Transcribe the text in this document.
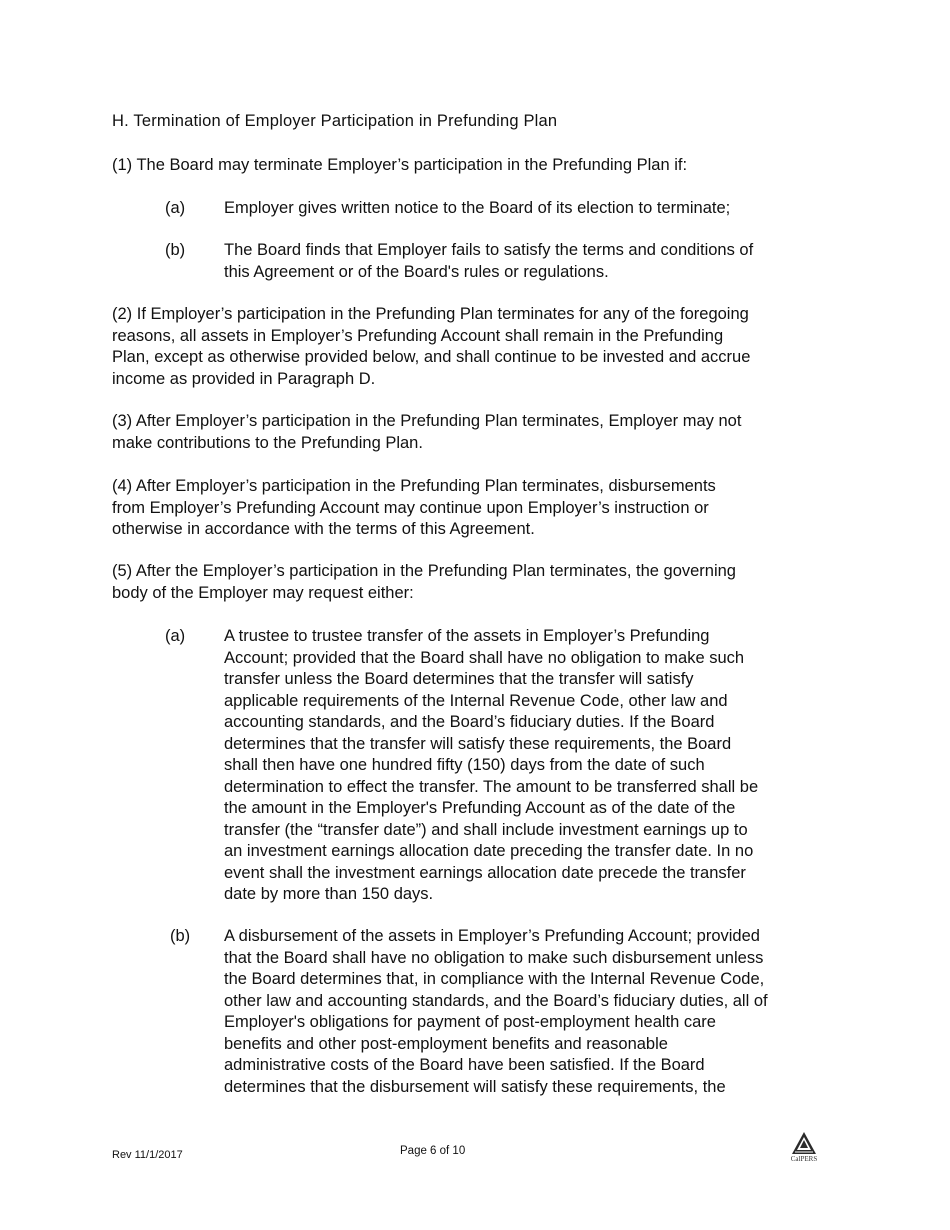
H. Termination of Employer Participation in Prefunding Plan
(1) The Board may terminate Employer’s participation in the Prefunding Plan if:
(a)	Employer gives written notice to the Board of its election to terminate;
(b)	The Board finds that Employer fails to satisfy the terms and conditions of
this Agreement or of the Board's rules or regulations.
(2) If Employer’s participation in the Prefunding Plan terminates for any of the foregoing
reasons, all assets in Employer’s Prefunding Account shall remain in the Prefunding
Plan, except as otherwise provided below, and shall continue to be invested and accrue
income as provided in Paragraph D.
(3) After Employer’s participation in the Prefunding Plan terminates, Employer may not
make contributions to the Prefunding Plan.
(4) After Employer’s participation in the Prefunding Plan terminates, disbursements
from Employer’s Prefunding Account may continue upon Employer’s instruction or
otherwise in accordance with the terms of this Agreement.
(5) After the Employer’s participation in the Prefunding Plan terminates, the governing
body of the Employer may request either:
(a)	A trustee to trustee transfer of the assets in Employer’s Prefunding
Account; provided that the Board shall have no obligation to make such
transfer unless the Board determines that the transfer will satisfy
applicable requirements of the Internal Revenue Code, other law and
accounting standards, and the Board’s fiduciary duties. If the Board
determines that the transfer will satisfy these requirements, the Board
shall then have one hundred fifty (150) days from the date of such
determination to effect the transfer. The amount to be transferred shall be
the amount in the Employer's Prefunding Account as of the date of the
transfer (the “transfer date”) and shall include investment earnings up to
an investment earnings allocation date preceding the transfer date. In no
event shall the investment earnings allocation date precede the transfer
date by more than 150 days.
(b)	A disbursement of the assets in Employer’s Prefunding Account; provided
that the Board shall have no obligation to make such disbursement unless
the Board determines that, in compliance with the Internal Revenue Code,
other law and accounting standards, and the Board’s fiduciary duties, all of
Employer's obligations for payment of post-employment health care
benefits and other post-employment benefits and reasonable
administrative costs of the Board have been satisfied. If the Board
determines that the disbursement will satisfy these requirements, the
Rev 11/1/2017	Page 6 of 10
CalPERS
